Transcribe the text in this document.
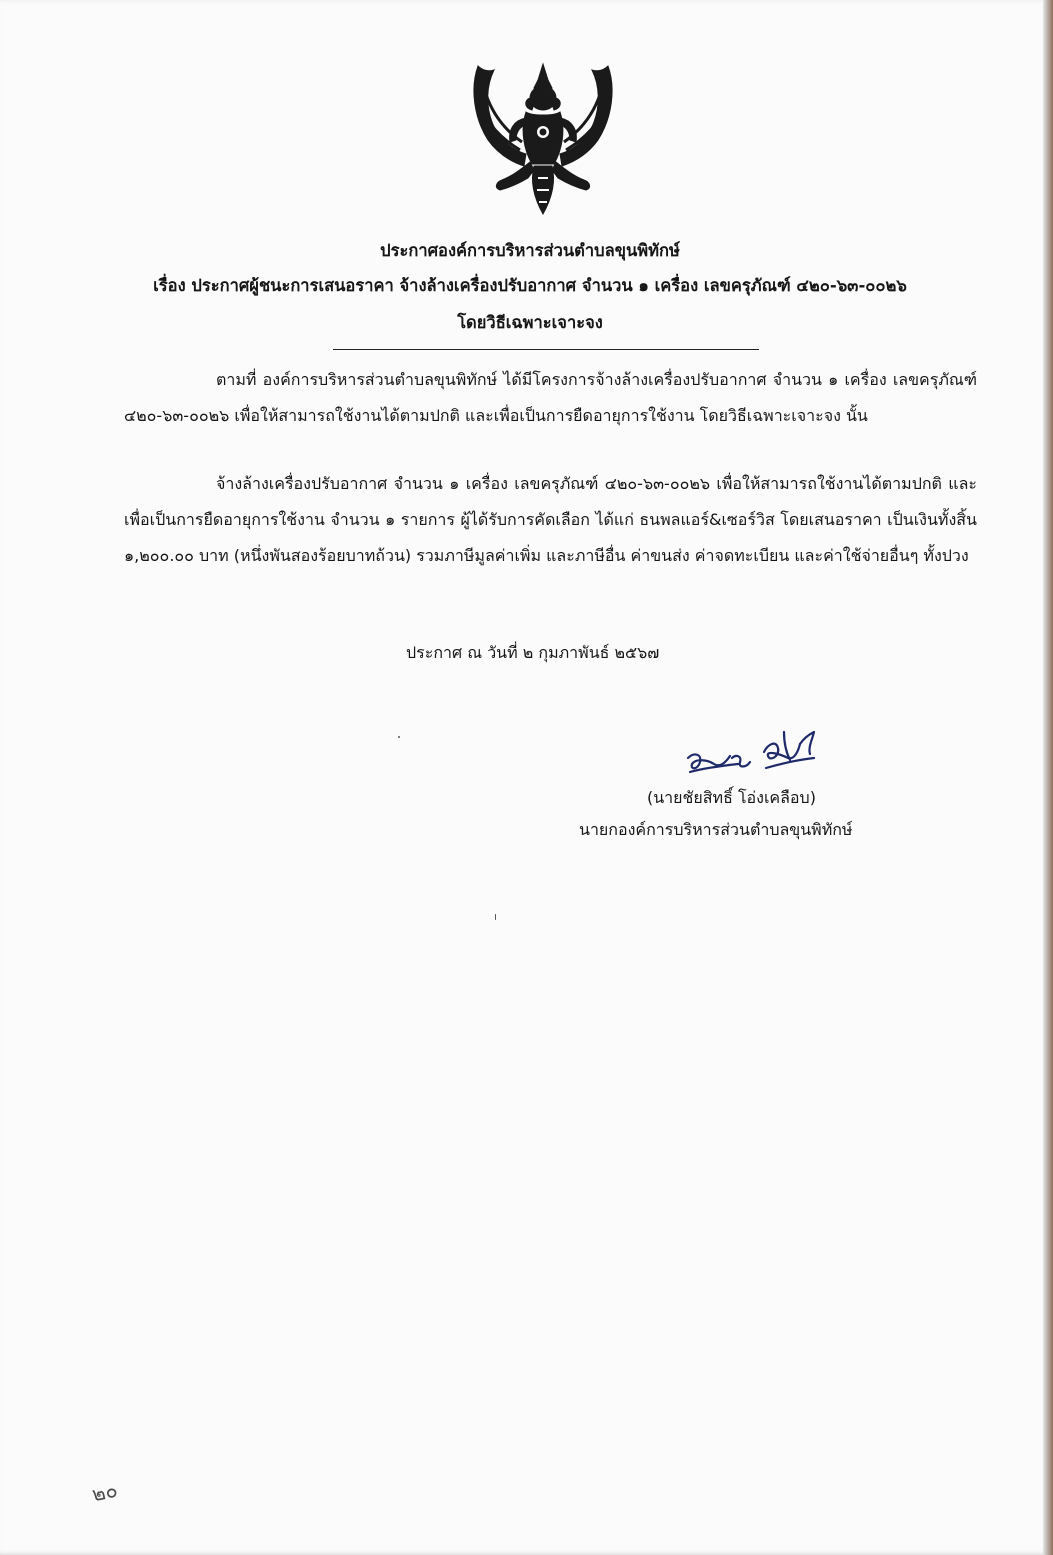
ประกาศองค์การบริหารส่วนตำบลขุนพิทักษ์
เรื่อง ประกาศผู้ชนะการเสนอราคา จ้างล้างเครื่องปรับอากาศ จำนวน ๑ เครื่อง เลขครุภัณฑ์ ๔๒๐-๖๓-๐๐๒๖
โดยวิธีเฉพาะเจาะจง
ตามที่ องค์การบริหารส่วนตำบลขุนพิทักษ์ ได้มีโครงการจ้างล้างเครื่องปรับอากาศ จำนวน ๑ เครื่อง เลขครุภัณฑ์ ๔๒๐-๖๓-๐๐๒๖ เพื่อให้สามารถใช้งานได้ตามปกติ และเพื่อเป็นการยืดอายุการใช้งาน โดยวิธีเฉพาะเจาะจง นั้น
จ้างล้างเครื่องปรับอากาศ จำนวน ๑ เครื่อง เลขครุภัณฑ์ ๔๒๐-๖๓-๐๐๒๖ เพื่อให้สามารถใช้งานได้ตามปกติ และเพื่อเป็นการยืดอายุการใช้งาน จำนวน ๑ รายการ ผู้ได้รับการคัดเลือก ได้แก่ ธนพลแอร์&เซอร์วิส โดยเสนอราคา เป็นเงินทั้งสิ้น ๑,๒๐๐.๐๐ บาท (หนึ่งพันสองร้อยบาทถ้วน) รวมภาษีมูลค่าเพิ่ม และภาษีอื่น ค่าขนส่ง ค่าจดทะเบียน และค่าใช้จ่ายอื่นๆ ทั้งปวง
ประกาศ ณ วันที่ ๒ กุมภาพันธ์ ๒๕๖๗
(นายชัยสิทธิ์ โอ่งเคลือบ)
นายกองค์การบริหารส่วนตำบลขุนพิทักษ์
๒๐
